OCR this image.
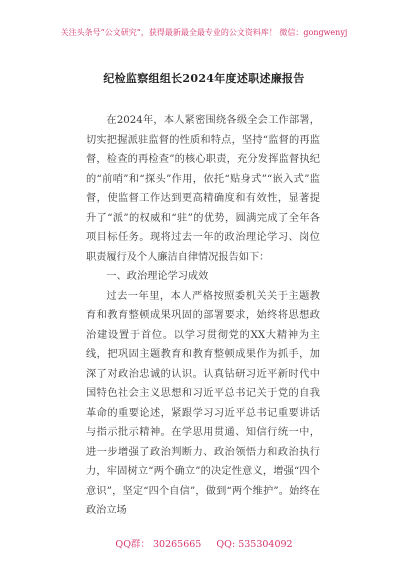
关注头条号“公文研究”，获得最新最全最专业的公文资料库！ 微信：gongwenyj
纪检监察组组长2024年度述职述廉报告

在2024年，本人紧密围绕各级全会工作部署，切实把握派驻监督的性质和特点，坚持“监督的再监督，检查的再检查”的核心职责，充分发挥监督执纪的“前哨”和“探头”作用，依托“贴身式”“嵌入式”监督，使监督工作达到更高精确度和有效性，显著提升了“派”的权威和“驻”的优势，圆满完成了全年各项目标任务。现将过去一年的政治理论学习、岗位职责履行及个人廉洁自律情况报告如下：

一、政治理论学习成效

过去一年里，本人严格按照委机关关于主题教育和教育整顿成果巩固的部署要求，始终将思想政治建设置于首位。以学习贯彻党的XX大精神为主线，把巩固主题教育和教育整顿成果作为抓手，加深了对政治忠诚的认识。认真钻研习近平新时代中国特色社会主义思想和习近平总书记关于党的自我革命的重要论述，紧跟学习习近平总书记重要讲话与指示批示精神。在学思用贯通、知信行统一中，进一步增强了政治判断力、政治领悟力和政治执行力，牢固树立“两个确立”的决定性意义，增强“四个意识”，坚定“四个自信”，做到“两个维护”。始终在政治立场

QQ群： 30265665 QQ: 535304092
